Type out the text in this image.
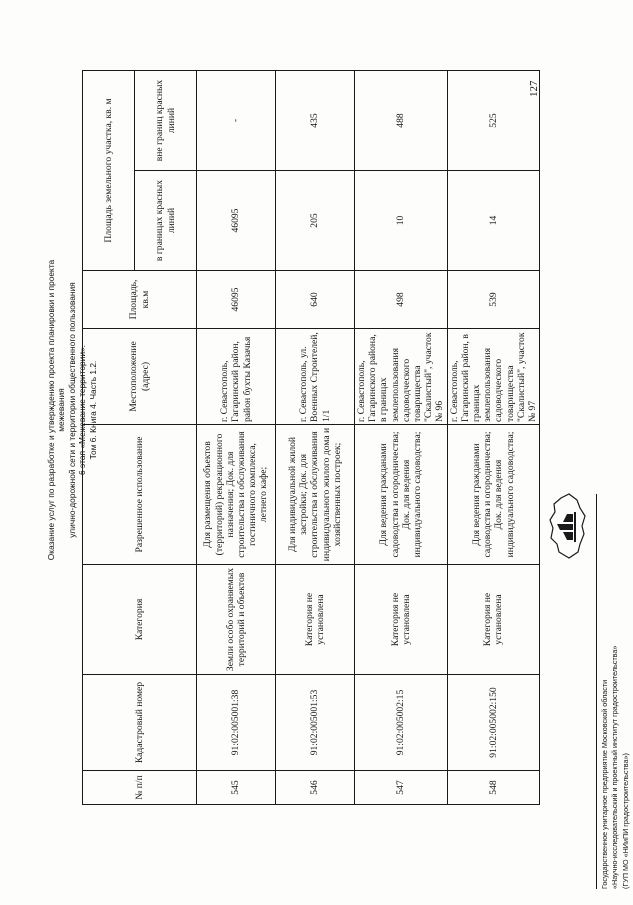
Оказание услуг по разработке и утверждению проекта планировки и проекта межевания улично-дорожной сети и территории общественного пользования 6 этап «Межевание территории». Том 6. Книга 4. Часть 1.2.
№ п/п	Кадастровый номер	Категория	Разрешенное использование	Местоположение (адрес)	Площадь, кв.м	Площадь земельного участка, кв. м	
						в границах красных линий	вне границ красных линий
545	91:02:005001:38	Земли особо охраняемых территорий и объектов	Для размещения объектов (территорий) рекреационного назначения; Док. для строительства и обслуживания гостиничного комплекса, летнего кафе;	г. Севастополь, Гагаринский район, район бухты Казачья	46095	46095	-
546	91:02:005001:53	Категория не установлена	Для индивидуальной жилой застройки; Док. для строительства и обслуживания индивидуального жилого дома и хозяйственных построек;	г. Севастополь, ул. Военных Строителей, 1/1	640	205	435
547	91:02:005002:15	Категория не установлена	Для ведения гражданами садоводства и огородничества; Док. для ведения индивидуального садоводства;	г. Севастополь, Гагаринского района, в границах землепользования садоводческого товарищества "Скалистый", участок № 96	498	10	488
548	91:02:005002:150	Категория не установлена	Для ведения гражданами садоводства и огородничества; Док. для ведения индивидуального садоводства;	г. Севастополь, Гагаринский район, в границах землепользования садоводческого товарищества "Скалистый", участок № 97	539	14	525
127
Государственное унитарное предприятие Московской области «Научно-исследовательский и проектный институт градостроительства» (ГУП МО «НИиПИ градостроительства»)
